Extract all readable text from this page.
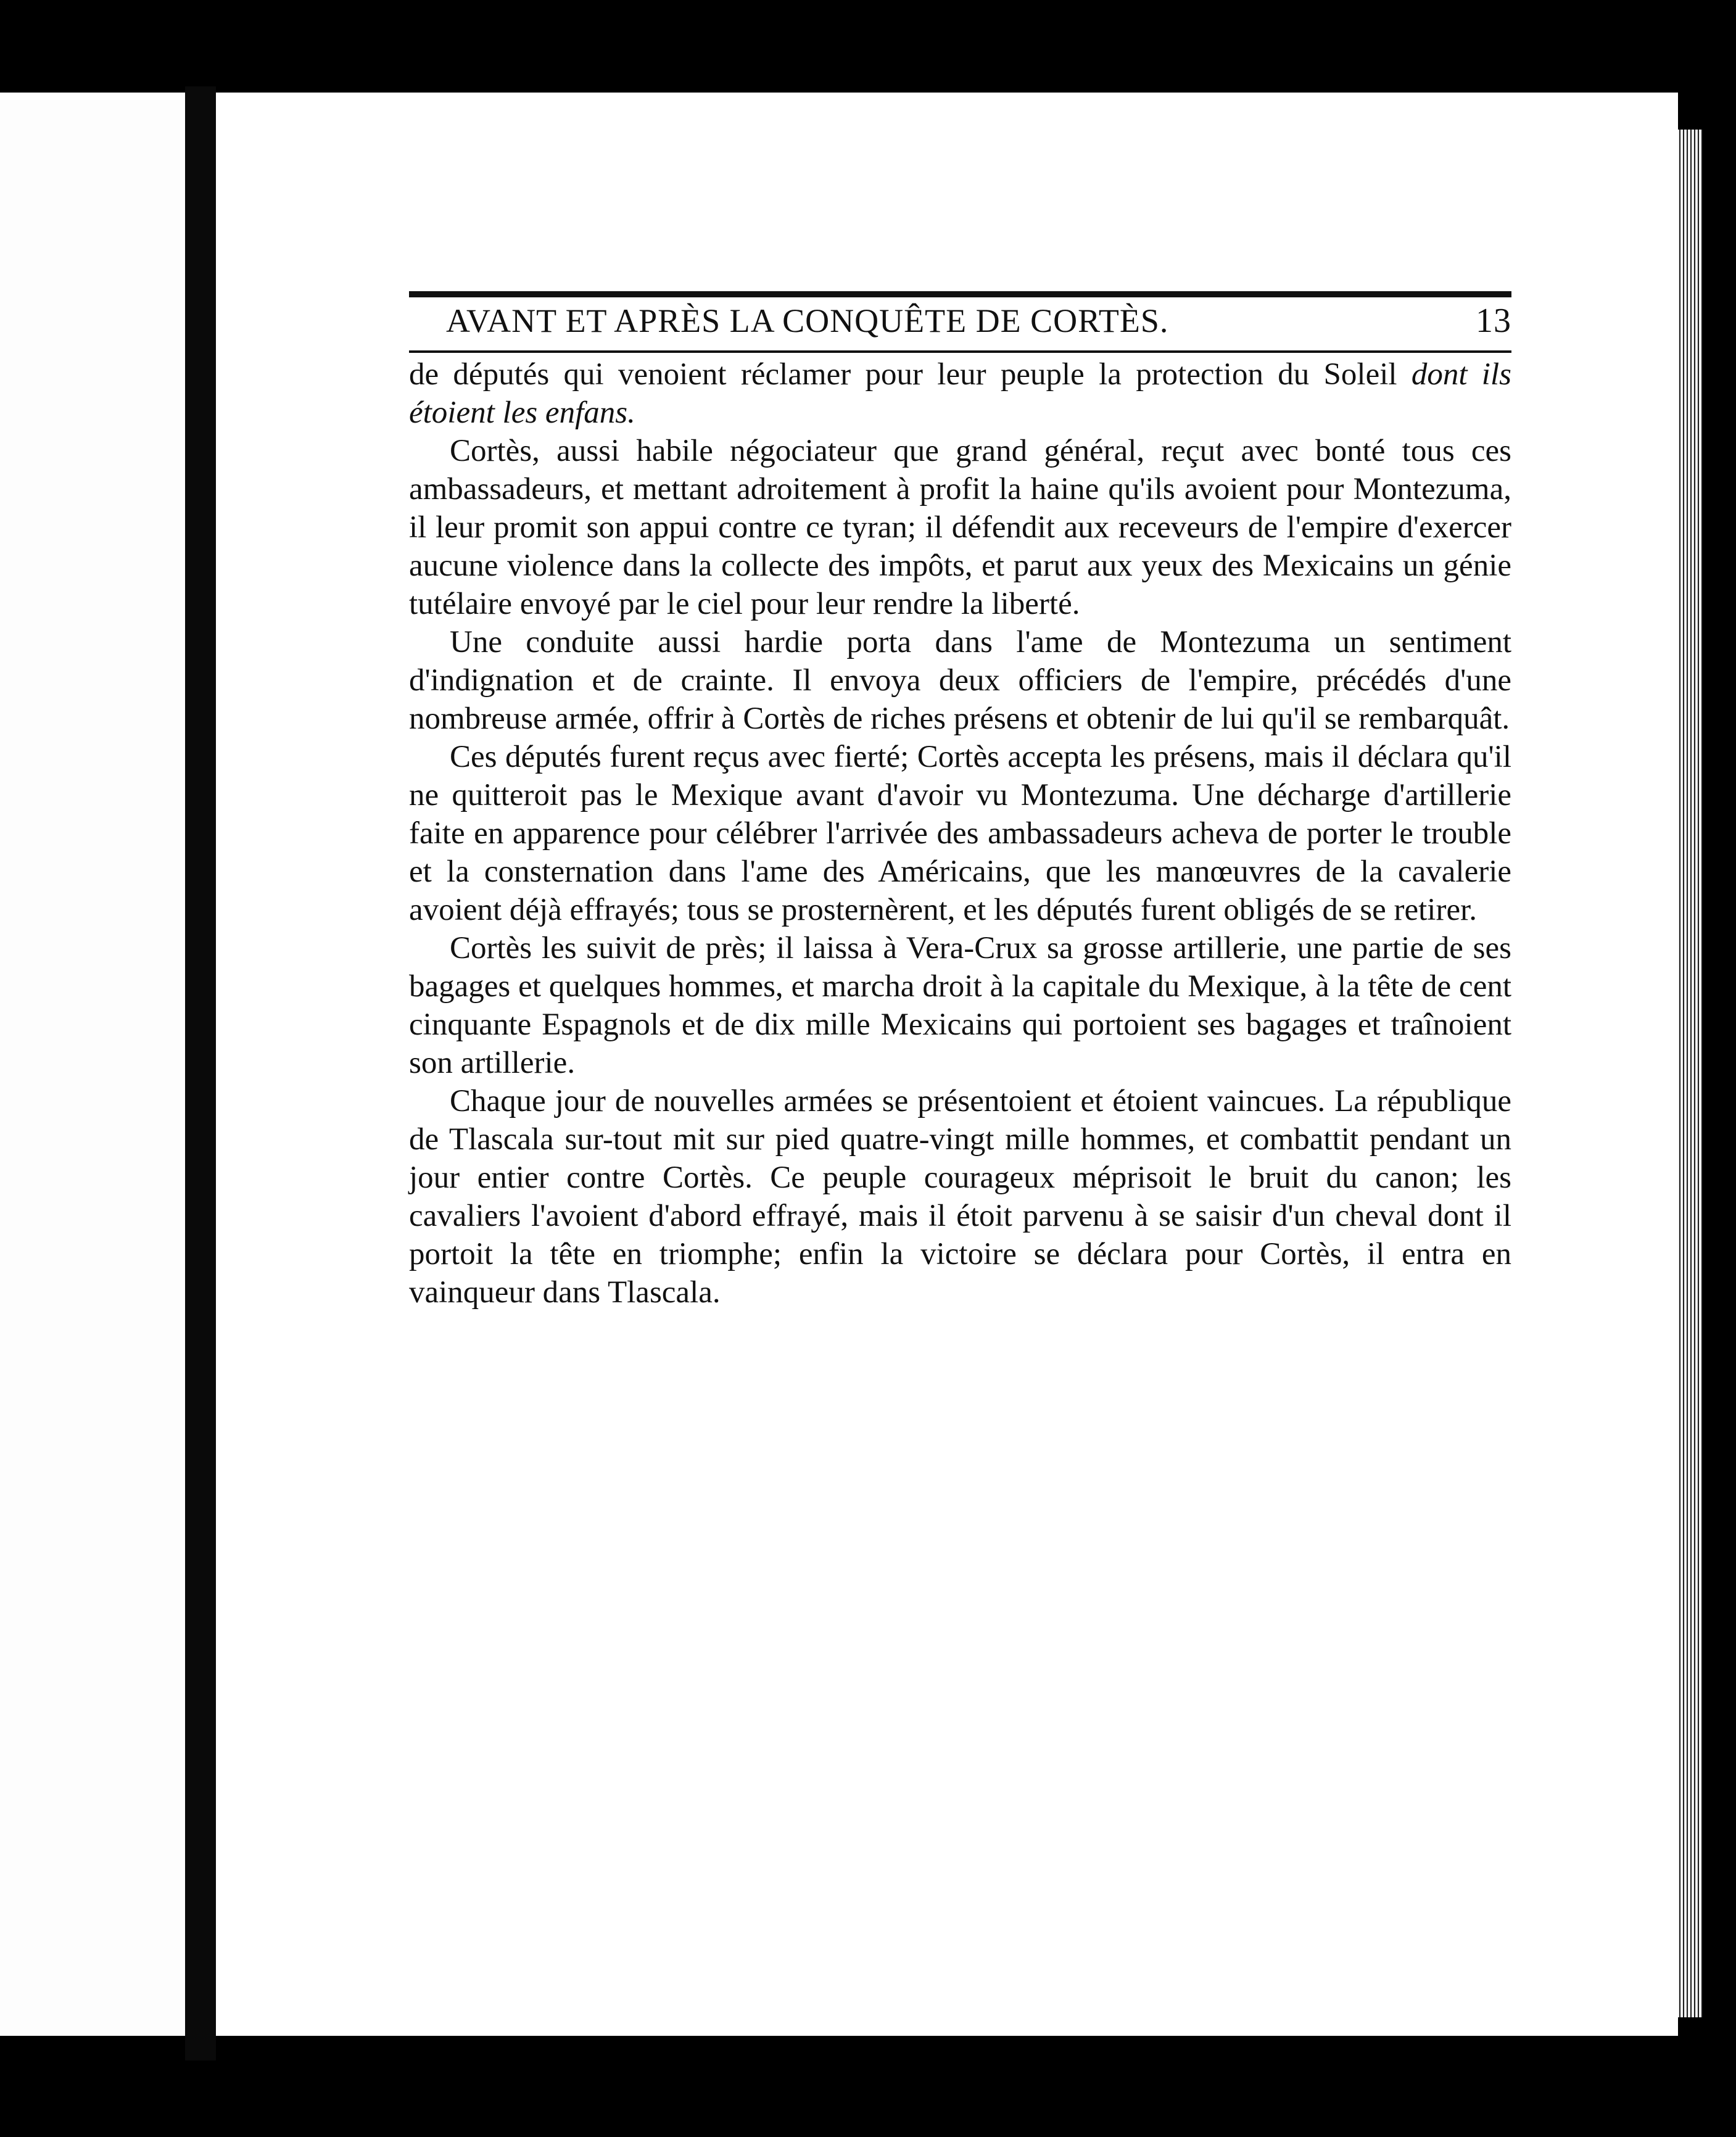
AVANT ET APRÈS LA CONQUÊTE DE CORTÈS.	13

de députés qui venoient réclamer pour leur peuple la protection du Soleil dont ils étoient les enfans.

Cortès, aussi habile négociateur que grand général, reçut avec bonté tous ces ambassadeurs, et mettant adroitement à profit la haine qu'ils avoient pour Montezuma, il leur promit son appui contre ce tyran; il défendit aux receveurs de l'empire d'exercer aucune violence dans la collecte des impôts, et parut aux yeux des Mexicains un génie tutélaire envoyé par le ciel pour leur rendre la liberté.

Une conduite aussi hardie porta dans l'ame de Montezuma un sentiment d'indignation et de crainte. Il envoya deux officiers de l'empire, précédés d'une nombreuse armée, offrir à Cortès de riches présens et obtenir de lui qu'il se rembarquât.

Ces députés furent reçus avec fierté; Cortès accepta les présens, mais il déclara qu'il ne quitteroit pas le Mexique avant d'avoir vu Montezuma. Une décharge d'artillerie faite en apparence pour célébrer l'arrivée des ambassadeurs acheva de porter le trouble et la consternation dans l'ame des Américains, que les manœuvres de la cavalerie avoient déjà effrayés; tous se prosternèrent, et les députés furent obligés de se retirer.

Cortès les suivit de près; il laissa à Vera-Crux sa grosse artillerie, une partie de ses bagages et quelques hommes, et marcha droit à la capitale du Mexique, à la tête de cent cinquante Espagnols et de dix mille Mexicains qui portoient ses bagages et traînoient son artillerie.

Chaque jour de nouvelles armées se présentoient et étoient vaincues. La république de Tlascala sur-tout mit sur pied quatre-vingt mille hommes, et combattit pendant un jour entier contre Cortès. Ce peuple courageux méprisoit le bruit du canon; les cavaliers l'avoient d'abord effrayé, mais il étoit parvenu à se saisir d'un cheval dont il portoit la tête en triomphe; enfin la victoire se déclara pour Cortès, il entra en vainqueur dans Tlascala.
